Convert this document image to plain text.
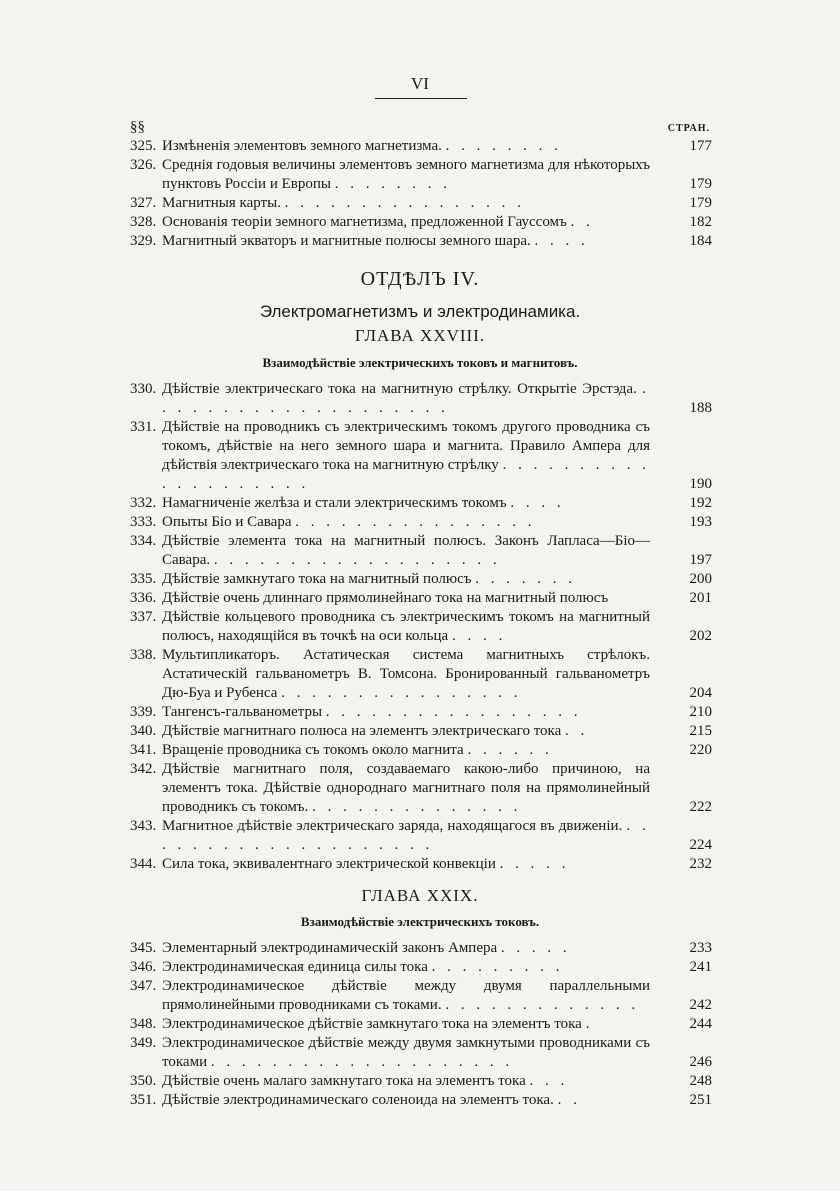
VI
§§	СТРАН.
325. Измѣненія элементовъ земного магнетизма. . . . . . . . .	177
326. Среднія годовыя величины элементовъ земного магнетизма для нѣкоторыхъ пунктовъ Россіи и Европы . . . . . . . .	179
327. Магнитныя карты. . . . . . . . . . . . . . . . .	179
328. Основанія теоріи земного магнетизма, предложенной Гауссомъ . .	182
329. Магнитный экваторъ и магнитные полюсы земного шара. . . . .	184
ОТДѢЛЪ IV.
Электромагнетизмъ и электродинамика.
ГЛАВА XXVIII.
Взаимодѣйствіе электрическихъ токовъ и магнитовъ.
330. Дѣйствіе электрическаго тока на магнитную стрѣлку. Открытіе Эрстэда. . . . . . . . . . . . . . . . . . . . .	188
331. Дѣйствіе на проводникъ съ электрическимъ токомъ другого проводника съ токомъ, дѣйствіе на него земного шара и магнита. Правило Ампера для дѣйствія электрическаго тока на магнитную стрѣлку . . . . . . . . . . . . . . . . . . . .	190
332. Намагниченіе желѣза и стали электрическимъ токомъ . . . .	192
333. Опыты Біо и Савара . . . . . . . . . . . . . . . .	193
334. Дѣйствіе элемента тока на магнитный полюсъ. Законъ Лапласа—Біо—Савара. . . . . . . . . . . . . . . . . . . .	197
335. Дѣйствіе замкнутаго тока на магнитный полюсъ . . . . . . .	200
336. Дѣйствіе очень длиннаго прямолинейнаго тока на магнитный полюсъ	201
337. Дѣйствіе кольцевого проводника съ электрическимъ токомъ на магнитный полюсъ, находящійся въ точкѣ на оси кольца . . . .	202
338. Мультипликаторъ. Астатическая система магнитныхъ стрѣлокъ. Астатическій гальванометръ В. Томсона. Бронированный гальванометръ Дю-Буа и Рубенса . . . . . . . . . . . . . . . .	204
339. Тангенсъ-гальванометры . . . . . . . . . . . . . . . . .	210
340. Дѣйствіе магнитнаго полюса на элементъ электрическаго тока . .	215
341. Вращеніе проводника съ токомъ около магнита . . . . . .	220
342. Дѣйствіе магнитнаго поля, создаваемаго какою-либо причиною, на элементъ тока. Дѣйствіе однороднаго магнитнаго поля на прямолинейный проводникъ съ токомъ. . . . . . . . . . . . . . .	222
343. Магнитное дѣйствіе электрическаго заряда, находящагося въ движеніи. . . . . . . . . . . . . . . . . . . . .	224
344. Сила тока, эквивалентнаго электрической конвекціи . . . . .	232
ГЛАВА XXIX.
Взаимодѣйствіе электрическихъ токовъ.
345. Элементарный электродинамическій законъ Ампера . . . . .	233
346. Электродинамическая единица силы тока . . . . . . . . .	241
347. Электродинамическое дѣйствіе между двумя параллельными прямолинейными проводниками съ токами. . . . . . . . . . . . . .	242
348. Электродинамическое дѣйствіе замкнутаго тока на элементъ тока .	244
349. Электродинамическое дѣйствіе между двумя замкнутыми проводниками съ токами . . . . . . . . . . . . . . . . . . . .	246
350. Дѣйствіе очень малаго замкнутаго тока на элементъ тока . . .	248
351. Дѣйствіе электродинамическаго соленоида на элементъ тока. . .	251
